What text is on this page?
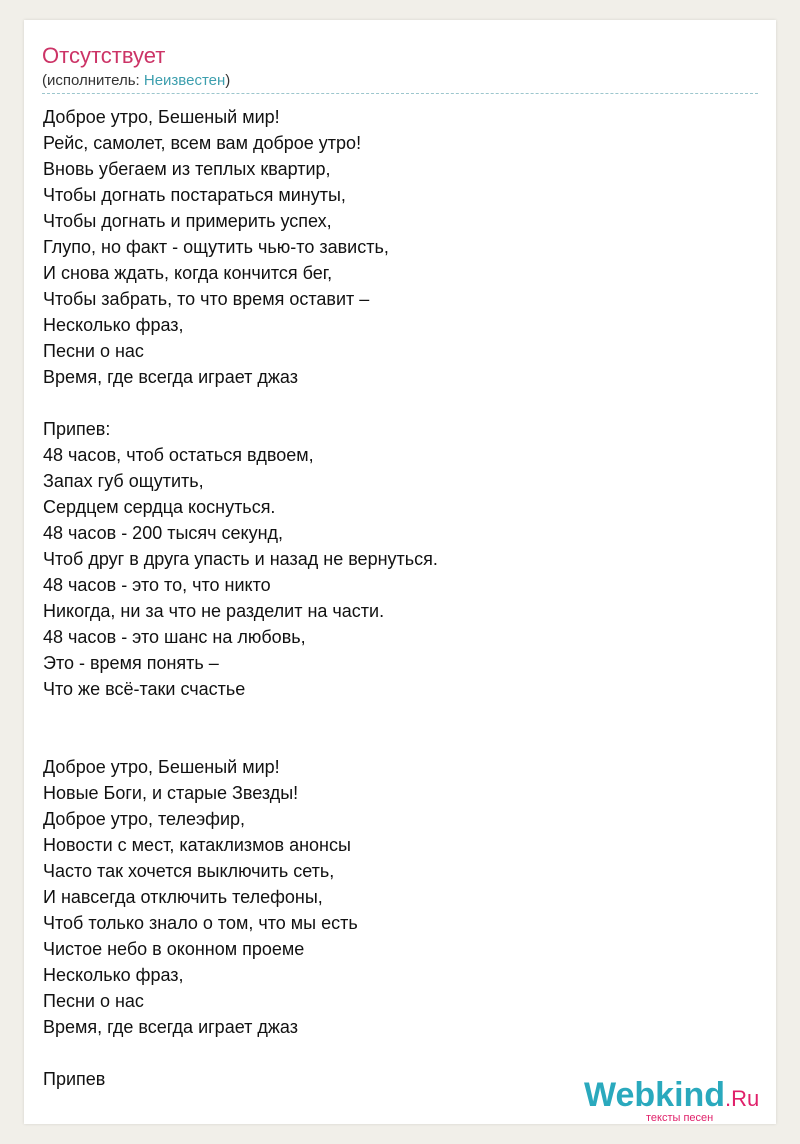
Отсутствует
(исполнитель: Неизвестен)
Доброе утро, Бешеный мир!
Рейс, самолет, всем вам доброе утро!
Вновь убегаем из теплых квартир,
Чтобы догнать постараться минуты,
Чтобы догнать и примерить успех,
Глупо, но факт - ощутить чью-то зависть,
И снова ждать, когда кончится бег,
Чтобы забрать, то что время оставит –
Несколько фраз,
Песни о нас
Время, где всегда играет джаз
Припев:
48 часов, чтоб остаться вдвоем,
Запах губ ощутить,
Сердцем сердца коснуться.
48 часов - 200 тысяч секунд,
Чтоб друг в друга упасть и назад не вернуться.
48 часов - это то, что никто
Никогда, ни за что не разделит на части.
48 часов - это шанс на любовь,
Это - время понять –
Что же всё-таки счастье
Доброе утро, Бешеный мир!
Новые Боги, и старые Звезды!
Доброе утро, телеэфир,
Новости с мест, катаклизмов анонсы
Часто так хочется выключить сеть,
И навсегда отключить телефоны,
Чтоб только знало о том, что мы есть
Чистое небо в оконном проеме
Несколько фраз,
Песни о нас
Время, где всегда играет джаз
Припев	Webkind.Ru
тексты песен
